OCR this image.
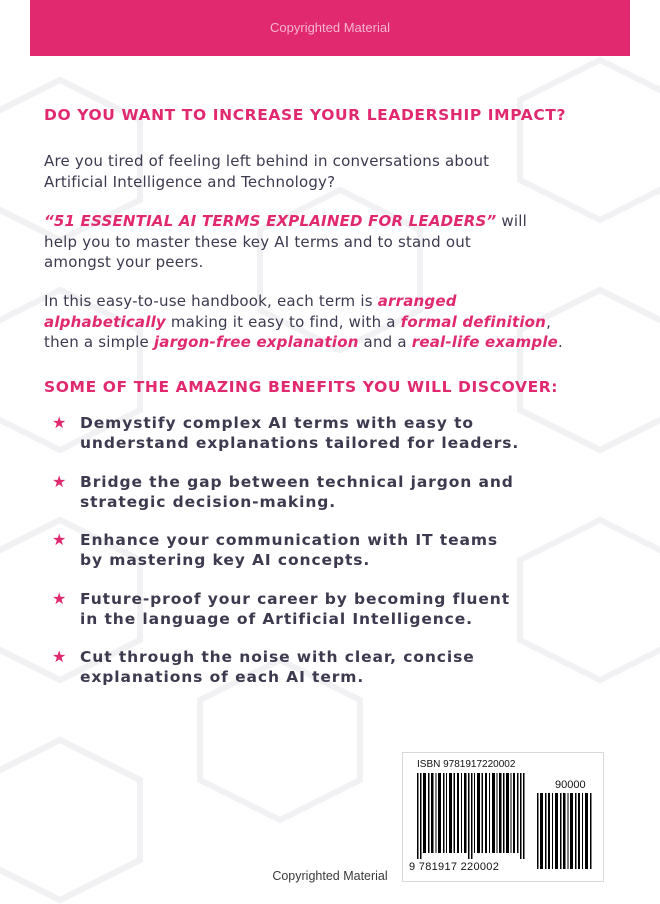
Copyrighted Material
DO YOU WANT TO INCREASE YOUR LEADERSHIP IMPACT?
Are you tired of feeling left behind in conversations about
Artificial Intelligence and Technology?
“51 ESSENTIAL AI TERMS EXPLAINED FOR LEADERS” will
help you to master these key AI terms and to stand out
amongst your peers.
In this easy-to-use handbook, each term is arranged
alphabetically making it easy to find, with a formal definition,
then a simple jargon-free explanation and a real-life example.
SOME OF THE AMAZING BENEFITS YOU WILL DISCOVER:
★ Demystify complex AI terms with easy to
understand explanations tailored for leaders.
★ Bridge the gap between technical jargon and
strategic decision-making.
★ Enhance your communication with IT teams
by mastering key AI concepts.
★ Future-proof your career by becoming fluent
in the language of Artificial Intelligence.
★ Cut through the noise with clear, concise
explanations of each AI term.
ISBN 9781917220002
90000
9 781917 220002
Copyrighted Material
